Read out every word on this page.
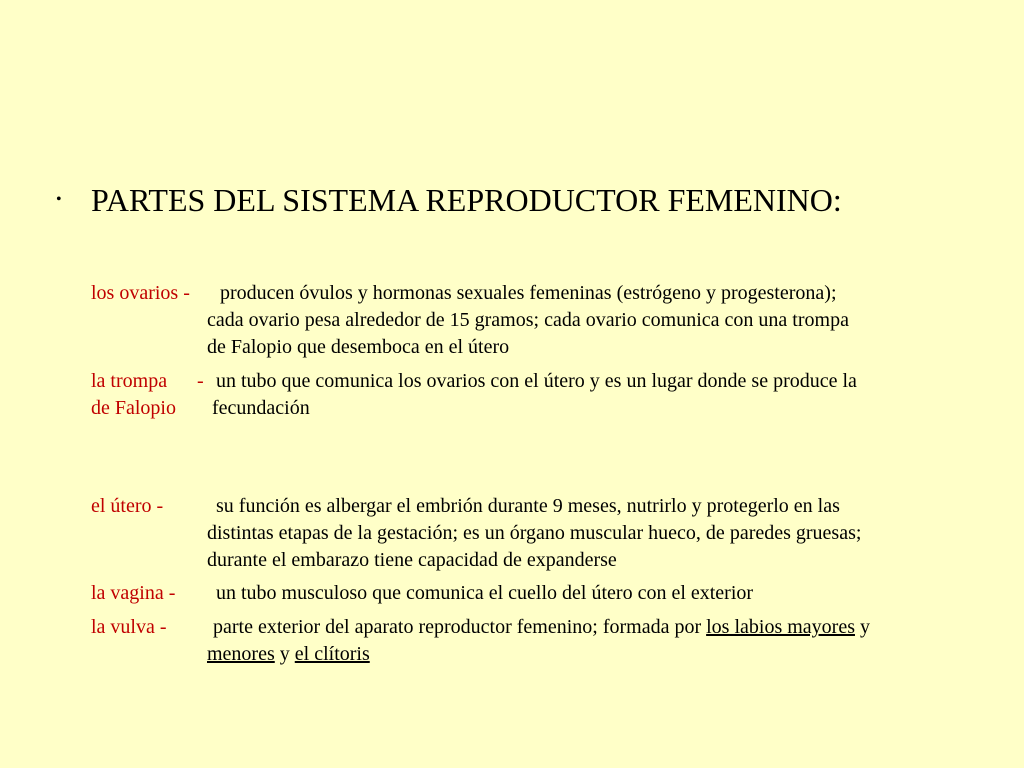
• PARTES DEL SISTEMA REPRODUCTOR FEMENINO:
los ovarios - producen óvulos y hormonas sexuales femeninas (estrógeno y progesterona);
cada ovario pesa alrededor de 15 gramos; cada ovario comunica con una trompa
de Falopio que desemboca en el útero
la trompa - un tubo que comunica los ovarios con el útero y es un lugar donde se produce la
de Falopio fecundación
el útero -	su función es albergar el embrión durante 9 meses, nutrirlo y protegerlo en las
distintas etapas de la gestación; es un órgano muscular hueco, de paredes gruesas;
durante el embarazo tiene capacidad de expanderse
la vagina - un tubo musculoso que comunica el cuello del útero con el exterior
la vulva - parte exterior del aparato reproductor femenino; formada por los labios mayores y
menores y el clítoris
